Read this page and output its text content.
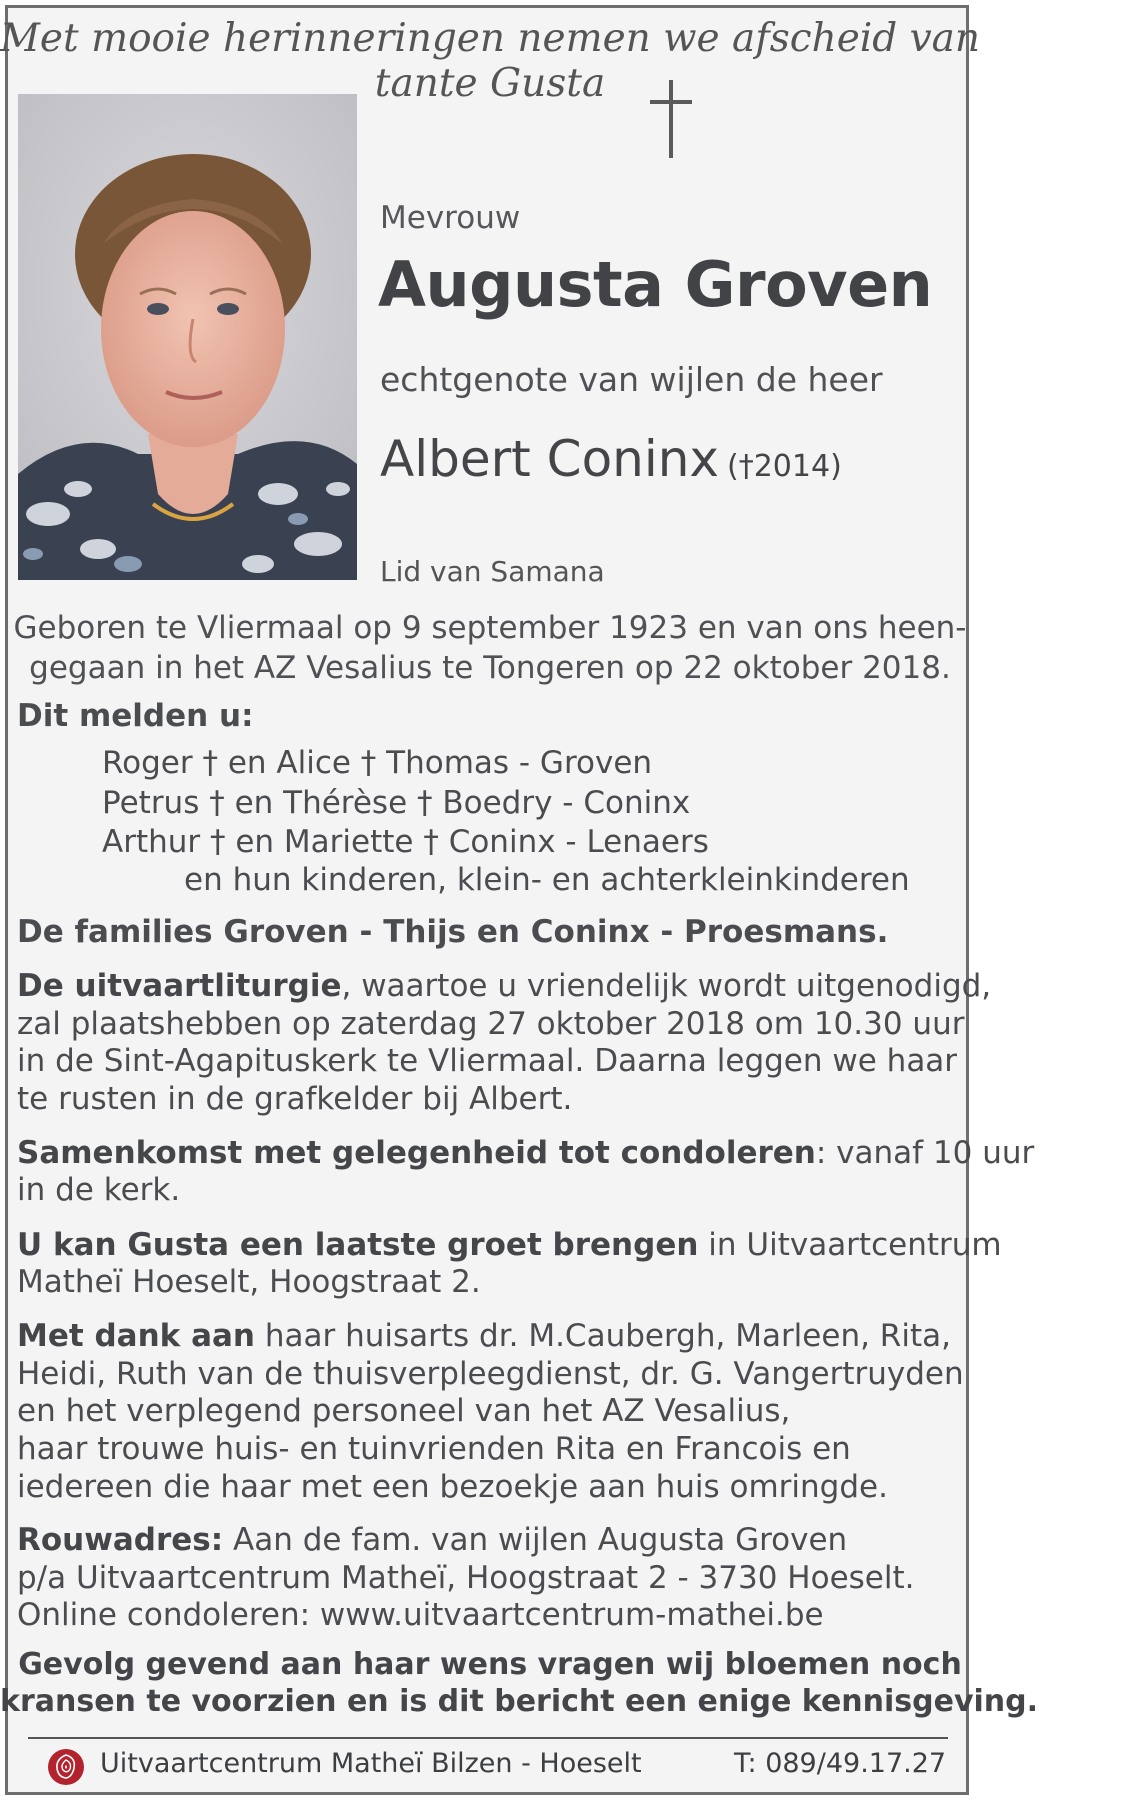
Met mooie herinneringen nemen we afscheid van tante Gusta
Mevrouw
Augusta Groven
echtgenote van wijlen de heer
Albert Coninx (†2014)
Lid van Samana
Geboren te Vliermaal op 9 september 1923 en van ons heen-
gegaan in het AZ Vesalius te Tongeren op 22 oktober 2018.
Dit melden u:
Roger † en Alice † Thomas - Groven
Petrus † en Thérèse † Boedry - Coninx
Arthur † en Mariette † Coninx - Lenaers
en hun kinderen, klein- en achterkleinkinderen
De families Groven - Thijs en Coninx - Proesmans.
De uitvaartliturgie, waartoe u vriendelijk wordt uitgenodigd,
zal plaatshebben op zaterdag 27 oktober 2018 om 10.30 uur
in de Sint-Agapituskerk te Vliermaal. Daarna leggen we haar
te rusten in de grafkelder bij Albert.
Samenkomst met gelegenheid tot condoleren: vanaf 10 uur
in de kerk.
U kan Gusta een laatste groet brengen in Uitvaartcentrum
Matheï Hoeselt, Hoogstraat 2.
Met dank aan haar huisarts dr. M.Caubergh, Marleen, Rita,
Heidi, Ruth van de thuisverpleegdienst, dr. G. Vangertruyden
en het verplegend personeel van het AZ Vesalius,
haar trouwe huis- en tuinvrienden Rita en Francois en
iedereen die haar met een bezoekje aan huis omringde.
Rouwadres: Aan de fam. van wijlen Augusta Groven
p/a Uitvaartcentrum Matheï, Hoogstraat 2 - 3730 Hoeselt.
Online condoleren: www.uitvaartcentrum-mathei.be
Gevolg gevend aan haar wens vragen wij bloemen noch
kransen te voorzien en is dit bericht een enige kennisgeving.
Uitvaartcentrum Matheï Bilzen - Hoeselt	T: 089/49.17.27
